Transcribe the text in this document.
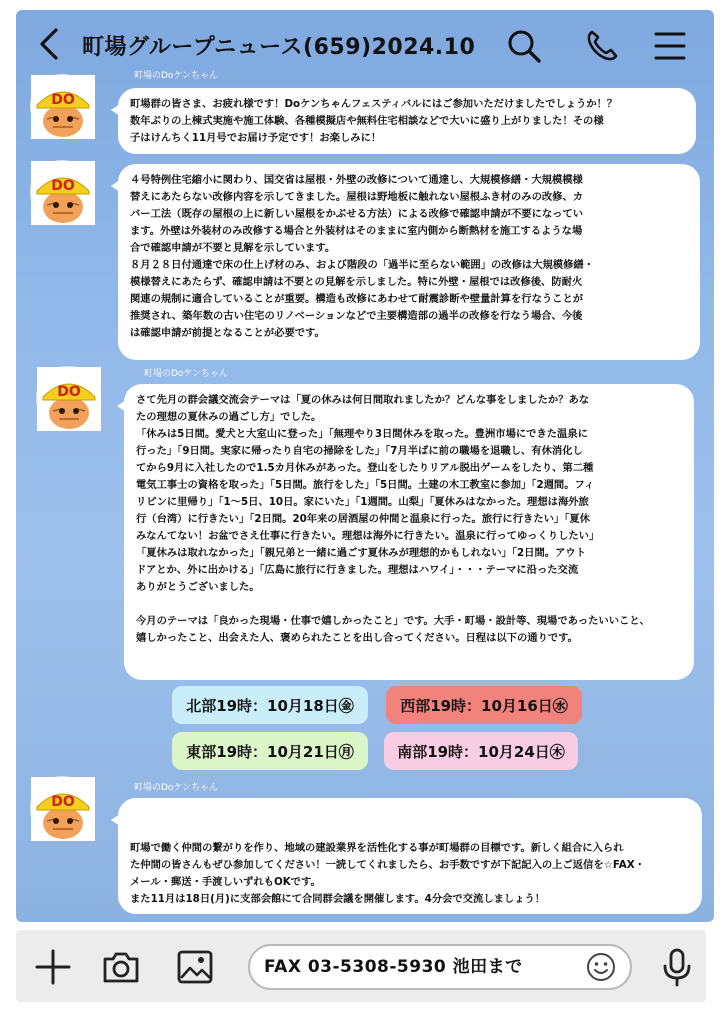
町場グループニュース(659)2024.10
町場のDoケンちゃん
DO	町場群の皆さま、お疲れ様です！Doケンちゃんフェスティバルにはご参加いただけましたでしょうか！？
数年ぶりの上棟式実施や施工体験、各種模擬店や無料住宅相談などで大いに盛り上がりました！その様
子はけんちく11月号でお届け予定です！お楽しみに！
DO	４号特例住宅縮小に関わり、国交省は屋根・外壁の改修について通達し、大規模修繕・大規模模様
替えにあたらない改修内容を示してきました。屋根は野地板に触れない屋根ふき材のみの改修、カ
バー工法（既存の屋根の上に新しい屋根をかぶせる方法）による改修で確認申請が不要になってい
ます。外壁は外装材のみ改修する場合と外装材はそのままに室内側から断熱材を施工するような場
合で確認申請が不要と見解を示しています。
８月２８日付通達で床の仕上げ材のみ、および階段の「過半に至らない範囲」の改修は大規模修繕・
模様替えにあたらず、確認申請は不要との見解を示しました。特に外壁・屋根では改修後、防耐火
関連の規制に適合していることが重要。構造も改修にあわせて耐震診断や壁量計算を行なうことが
推奨され、築年数の古い住宅のリノベーションなどで主要構造部の過半の改修を行なう場合、今後
は確認申請が前提となることが必要です。
町場のDoケンちゃん
DO	さて先月の群会議交流会テーマは「夏の休みは何日間取れましたか？どんな事をしましたか？あな
たの理想の夏休みの過ごし方」でした。
「休みは5日間。愛犬と大室山に登った」「無理やり3日間休みを取った。豊洲市場にできた温泉に
行った」「9日間。実家に帰ったり自宅の掃除をした」「7月半ばに前の職場を退職し、有休消化し
てから9月に入社したので1.5カ月休みがあった。登山をしたりリアル脱出ゲームをしたり、第二種
電気工事士の資格を取った」「5日間。旅行をした」「5日間。土建の木工教室に参加」「2週間。フィ
リピンに里帰り」「1～5日、10日。家にいた」「1週間。山梨」「夏休みはなかった。理想は海外旅
行（台湾）に行きたい」「2日間。20年来の居酒屋の仲間と温泉に行った。旅行に行きたい」「夏休
みなんてない！お盆でさえ仕事に行きたい。理想は海外に行きたい。温泉に行ってゆっくりしたい」
「夏休みは取れなかった」「親兄弟と一緒に過ごす夏休みが理想的かもしれない」「2日間。アウト
ドアとか、外に出かける」「広島に旅行に行きました。理想はハワイ」・・・テーマに沿った交流
ありがとうございました。

今月のテーマは「良かった現場・仕事で嬉しかったこと」です。大手・町場・設計等、現場であったいいこと、
嬉しかったこと、出会えた人、褒められたことを出し合ってください。日程は以下の通りです。
北部19時：10月18日㊎	西部19時：10月16日㊌
東部19時：10月21日㊊	南部19時：10月24日㊍
町場のDoケンちゃん
DO

町場で働く仲間の繋がりを作り、地域の建設業界を活性化する事が町場群の目標です。新しく組合に入られ
た仲間の皆さんもぜひ参加してください！一読してくれましたら、お手数ですが下記記入の上ご返信を☆FAX・
メール・郵送・手渡しいずれもOKです。
また11月は18日(月)に支部会館にて合同群会議を開催します。4分会で交流しましょう！

FAX 03-5308-5930 池田まで
